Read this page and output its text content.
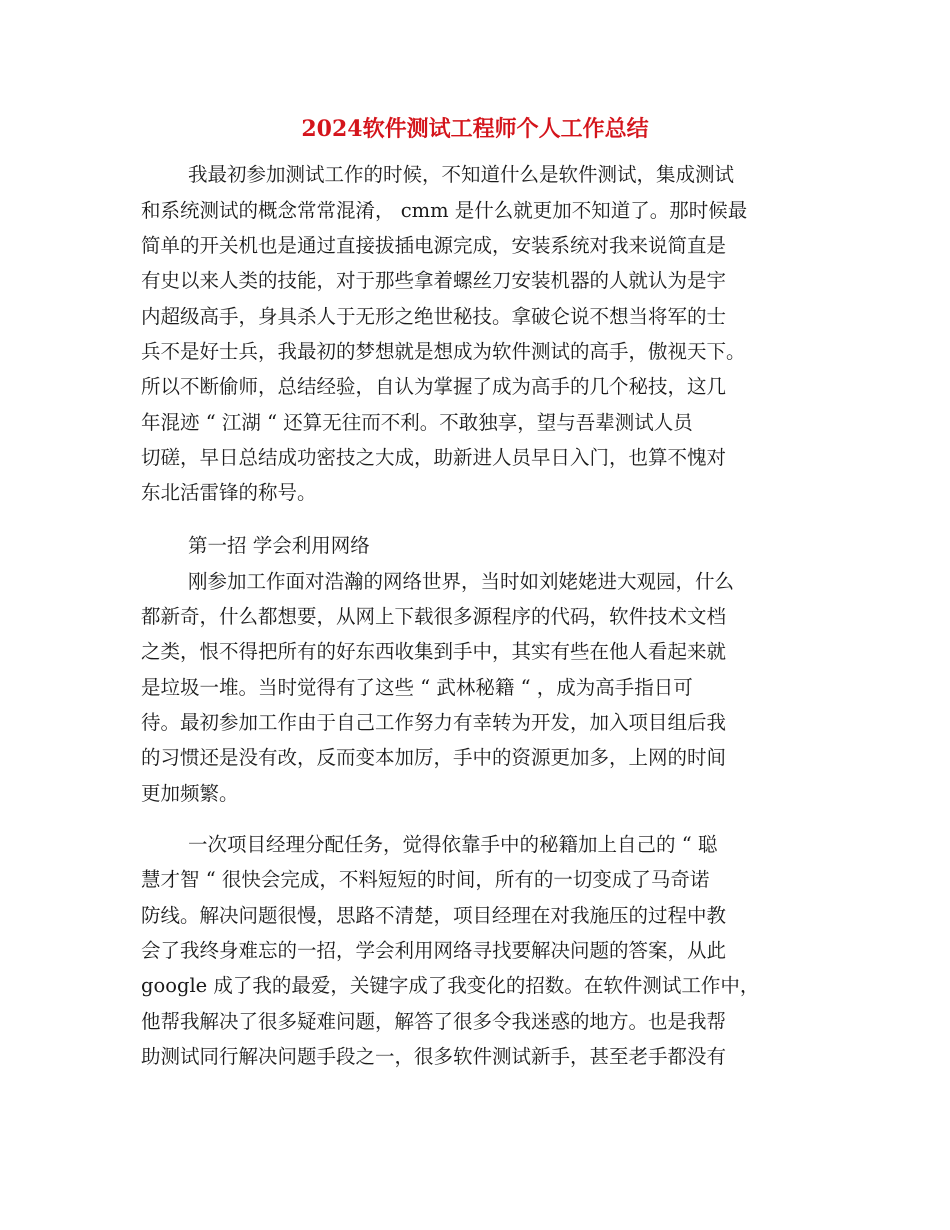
2024软件测试工程师个人工作总结
我最初参加测试工作的时候，不知道什么是软件测试，集成测试
和系统测试的概念常常混淆， cmm 是什么就更加不知道了。那时候最
简单的开关机也是通过直接拔插电源完成，安装系统对我来说简直是
有史以来人类的技能，对于那些拿着螺丝刀安装机器的人就认为是宇
内超级高手，身具杀人于无形之绝世秘技。拿破仑说不想当将军的士
兵不是好士兵，我最初的梦想就是想成为软件测试的高手，傲视天下。
所以不断偷师，总结经验，自认为掌握了成为高手的几个秘技，这几
年混迹 “ 江湖 “ 还算无往而不利。不敢独享，望与吾辈测试人员
切磋，早日总结成功密技之大成，助新进人员早日入门，也算不愧对
东北活雷锋的称号。
第一招 学会利用网络
刚参加工作面对浩瀚的网络世界，当时如刘姥姥进大观园，什么
都新奇，什么都想要，从网上下载很多源程序的代码，软件技术文档
之类，恨不得把所有的好东西收集到手中，其实有些在他人看起来就
是垃圾一堆。当时觉得有了这些 “ 武林秘籍 “ ，成为高手指日可
待。最初参加工作由于自己工作努力有幸转为开发，加入项目组后我
的习惯还是没有改，反而变本加厉，手中的资源更加多，上网的时间
更加频繁。
一次项目经理分配任务，觉得依靠手中的秘籍加上自己的 “ 聪
慧才智 “ 很快会完成，不料短短的时间，所有的一切变成了马奇诺
防线。解决问题很慢，思路不清楚，项目经理在对我施压的过程中教
会了我终身难忘的一招，学会利用网络寻找要解决问题的答案，从此
google 成了我的最爱，关键字成了我变化的招数。在软件测试工作中，
他帮我解决了很多疑难问题，解答了很多令我迷惑的地方。也是我帮
助测试同行解决问题手段之一，很多软件测试新手，甚至老手都没有
